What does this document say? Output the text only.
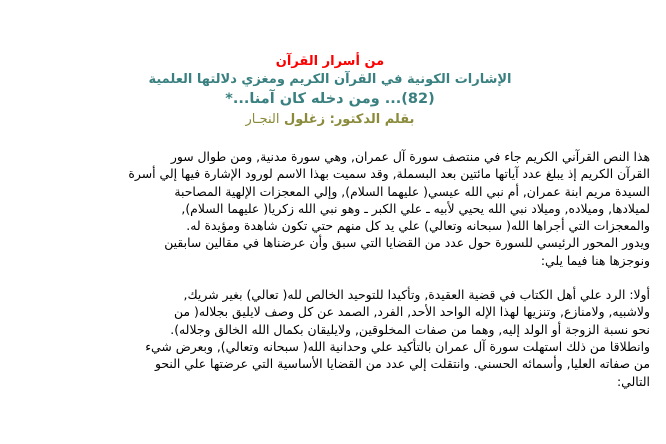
من أسرار القرآن
الإشارات الكونية في القرآن الكريم ومغزي دلالتها العلمية
(82)... ومن دخله كان آمنا...*
بقلم الدكتور: زغلول النجـار
هذا النص القرآني الكريم جاء في منتصف سورة آل عمران, وهي سورة مدنية, ومن طوال سور
القرآن الكريم إذ يبلغ عدد آياتها مائتين بعد البسملة, وقد سميت بهذا الاسم لورود الإشارة فيها إلي أسرة
السيدة مريم ابنة عمران, أم نبي الله عيسي( عليهما السلام), وإلي المعجزات الإلهية المصاحبة
لميلادها, وميلاده, وميلاد نبي الله يحيي لأبيه ـ علي الكبر ـ وهو نبي الله زكريا( عليهما السلام),
والمعجزات التي أجراها الله( سبحانه وتعالي) علي يد كل منهم حتي تكون شاهدة ومؤيدة له.
ويدور المحور الرئيسي للسورة حول عدد من القضايا التي سبق وأن عرضناها في مقالين سابقين
ونوجزها هنا فيما يلي:
أولا: الرد علي أهل الكتاب في قضية العقيدة, وتأكيدا للتوحيد الخالص لله( تعالي) بغير شريك,
ولاشبيه, ولامنازع, وتنزيها لهذا الإله الواحد الأحد, الفرد, الصمد عن كل وصف لايليق بجلاله( من
نحو نسبة الزوجة أو الولد إليه, وهما من صفات المخلوقين, ولايليقان بكمال الله الخالق وجلاله).
وانطلاقا من ذلك استهلت سورة آل عمران بالتأكيد علي وحدانية الله( سبحانه وتعالي), وبعرض شيء
من صفاته العليا, وأسمائه الحسني. وانتقلت إلي عدد من القضايا الأساسية التي عرضتها علي النحو
التالي:
